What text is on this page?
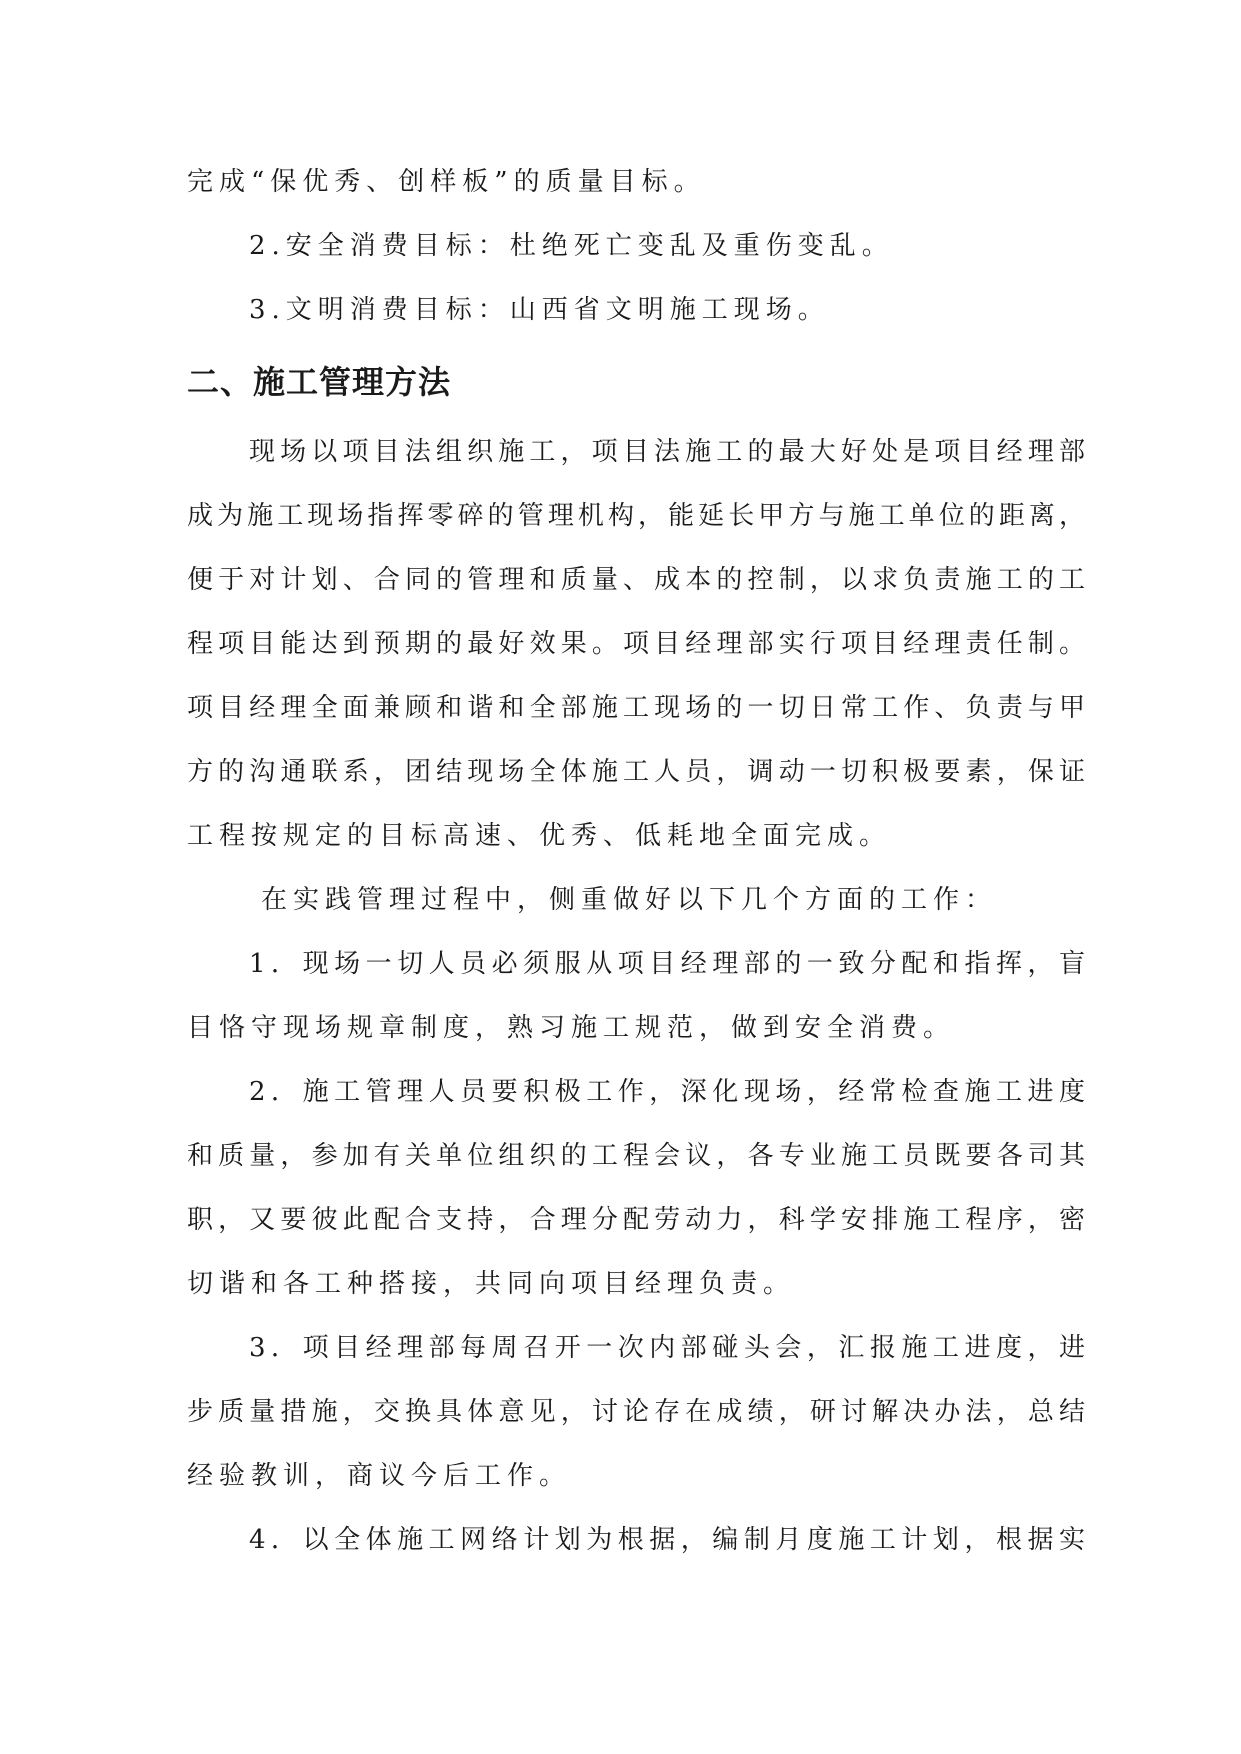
完成“保优秀、创样板”的质量目标。
2.安全消费目标：杜绝死亡变乱及重伤变乱。
3.文明消费目标：山西省文明施工现场。
二、施工管理方法
现场以项目法组织施工，项目法施工的最大好处是项目经理部
成为施工现场指挥零碎的管理机构，能延长甲方与施工单位的距离，
便于对计划、合同的管理和质量、成本的控制，以求负责施工的工
程项目能达到预期的最好效果。项目经理部实行项目经理责任制。
项目经理全面兼顾和谐和全部施工现场的一切日常工作、负责与甲
方的沟通联系，团结现场全体施工人员，调动一切积极要素，保证
工程按规定的目标高速、优秀、低耗地全面完成。
在实践管理过程中，侧重做好以下几个方面的工作：
1．现场一切人员必须服从项目经理部的一致分配和指挥，盲
目恪守现场规章制度，熟习施工规范，做到安全消费。
2．施工管理人员要积极工作，深化现场，经常检查施工进度
和质量，参加有关单位组织的工程会议，各专业施工员既要各司其
职，又要彼此配合支持，合理分配劳动力，科学安排施工程序，密
切谐和各工种搭接，共同向项目经理负责。
3．项目经理部每周召开一次内部碰头会，汇报施工进度，进
步质量措施，交换具体意见，讨论存在成绩，研讨解决办法，总结
经验教训，商议今后工作。
4．以全体施工网络计划为根据，编制月度施工计划，根据实
